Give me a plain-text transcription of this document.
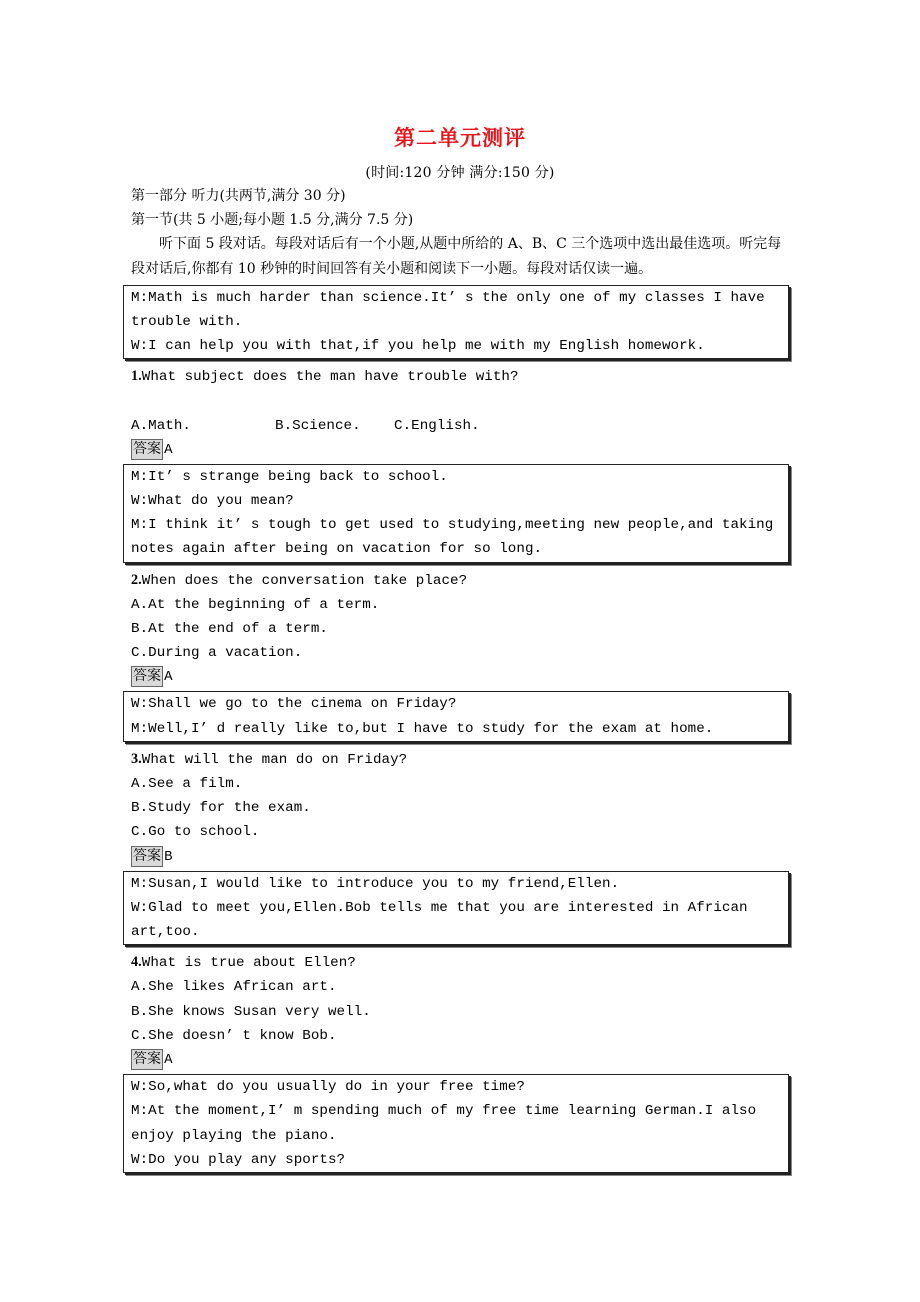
第二单元测评
(时间:120 分钟 满分:150 分)
第一部分 听力(共两节,满分 30 分)
第一节(共 5 小题;每小题 1.5 分,满分 7.5 分)
听下面 5 段对话。每段对话后有一个小题,从题中所给的 A、B、C 三个选项中选出最佳选项。听完每段对话后,你都有 10 秒钟的时间回答有关小题和阅读下一小题。每段对话仅读一遍。
M:Math is much harder than science.It’ s the only one of my classes I have trouble with.
W:I can help you with that,if you help me with my English homework.
1.What subject does the man have trouble with?
A.Math.	B.Science.	C.English.
答案 A
M:It’ s strange being back to school.
W:What do you mean?
M:I think it’ s tough to get used to studying,meeting new people,and taking notes again after being on vacation for so long.
2.When does the conversation take place?
A.At the beginning of a term.
B.At the end of a term.
C.During a vacation.
答案 A
W:Shall we go to the cinema on Friday?
M:Well,I’ d really like to,but I have to study for the exam at home.
3.What will the man do on Friday?
A.See a film.
B.Study for the exam.
C.Go to school.
答案 B
M:Susan,I would like to introduce you to my friend,Ellen.
W:Glad to meet you,Ellen.Bob tells me that you are interested in African art,too.
4.What is true about Ellen?
A.She likes African art.
B.She knows Susan very well.
C.She doesn’ t know Bob.
答案 A
W:So,what do you usually do in your free time?
M:At the moment,I’ m spending much of my free time learning German.I also enjoy playing the piano.
W:Do you play any sports?
